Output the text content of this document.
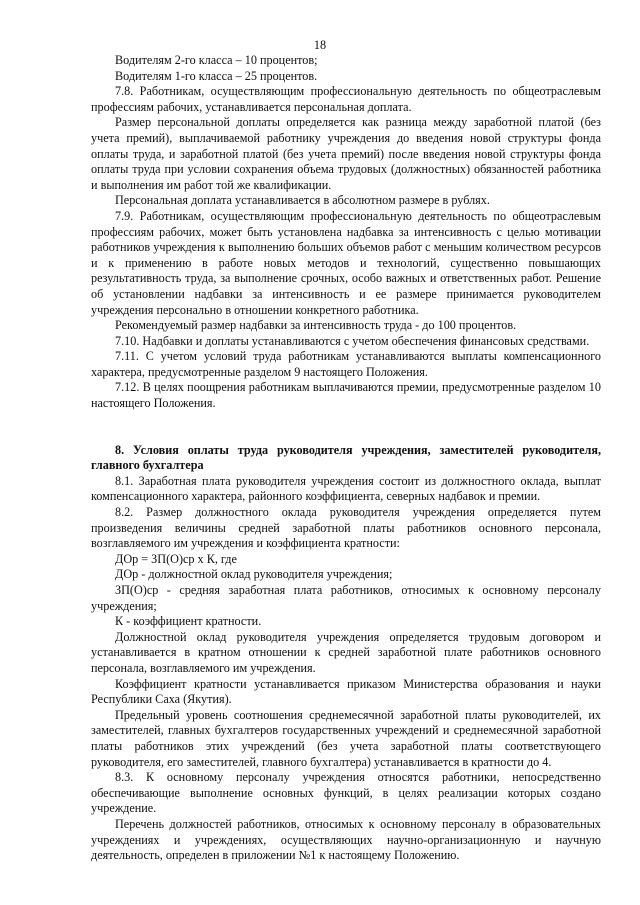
18

Водителям 2-го класса – 10 процентов;

Водителям 1-го класса – 25 процентов.

7.8. Работникам, осуществляющим профессиональную деятельность по общеотраслевым профессиям рабочих, устанавливается персональная доплата.

Размер персональной доплаты определяется как разница между заработной платой (без учета премий), выплачиваемой работнику учреждения до введения новой структуры фонда оплаты труда, и заработной платой (без учета премий) после введения новой структуры фонда оплаты труда при условии сохранения объема трудовых (должностных) обязанностей работника и выполнения им работ той же квалификации.

Персональная доплата устанавливается в абсолютном размере в рублях.

7.9. Работникам, осуществляющим профессиональную деятельность по общеотраслевым профессиям рабочих, может быть установлена надбавка за интенсивность с целью мотивации работников учреждения к выполнению больших объемов работ с меньшим количеством ресурсов и к применению в работе новых методов и технологий, существенно повышающих результативность труда, за выполнение срочных, особо важных и ответственных работ. Решение об установлении надбавки за интенсивность и ее размере принимается руководителем учреждения персонально в отношении конкретного работника.

Рекомендуемый размер надбавки за интенсивность труда - до 100 процентов.

7.10. Надбавки и доплаты устанавливаются с учетом обеспечения финансовых средствами.

7.11. С учетом условий труда работникам устанавливаются выплаты компенсационного характера, предусмотренные разделом 9 настоящего Положения.

7.12. В целях поощрения работникам выплачиваются премии, предусмотренные разделом 10 настоящего Положения.

8. Условия оплаты труда руководителя учреждения, заместителей руководителя, главного бухгалтера

8.1. Заработная плата руководителя учреждения состоит из должностного оклада, выплат компенсационного характера, районного коэффициента, северных надбавок и премии.

8.2. Размер должностного оклада руководителя учреждения определяется путем произведения величины средней заработной платы работников основного персонала, возглавляемого им учреждения и коэффициента кратности:

ДОр = ЗП(О)ср х К, где

ДОр - должностной оклад руководителя учреждения;

ЗП(О)ср - средняя заработная плата работников, относимых к основному персоналу учреждения;

К - коэффициент кратности.

Должностной оклад руководителя учреждения определяется трудовым договором и устанавливается в кратном отношении к средней заработной плате работников основного персонала, возглавляемого им учреждения.

Коэффициент кратности устанавливается приказом Министерства образования и науки Республики Саха (Якутия).

Предельный уровень соотношения среднемесячной заработной платы руководителей, их заместителей, главных бухгалтеров государственных учреждений и среднемесячной заработной платы работников этих учреждений (без учета заработной платы соответствующего руководителя, его заместителей, главного бухгалтера) устанавливается в кратности до 4.

8.3. К основному персоналу учреждения относятся работники, непосредственно обеспечивающие выполнение основных функций, в целях реализации которых создано учреждение.

Перечень должностей работников, относимых к основному персоналу в образовательных учреждениях и учреждениях, осуществляющих научно-организационную и научную деятельность, определен в приложении №1 к настоящему Положению.
